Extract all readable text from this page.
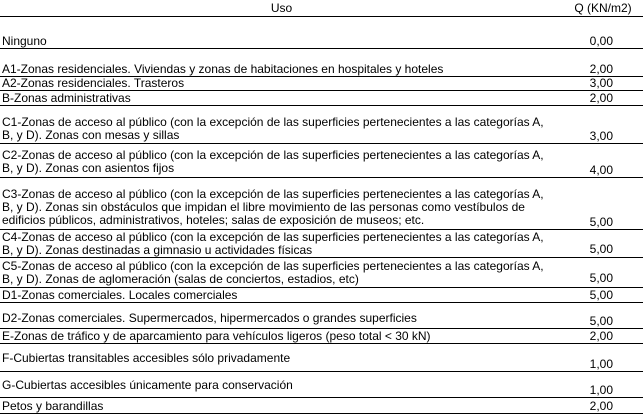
Uso	Q (KN/m2)
Ninguno	0,00
A1-Zonas residenciales. Viviendas y zonas de habitaciones en hospitales y hoteles	2,00
A2-Zonas residenciales. Trasteros	3,00
B-Zonas administrativas	2,00
C1-Zonas de acceso al público (con la excepción de las superficies pertenecientes a las categorías A,
B, y D). Zonas con mesas y sillas	3,00
C2-Zonas de acceso al público (con la excepción de las superficies pertenecientes a las categorías A,
B, y D). Zonas con asientos fijos	4,00
C3-Zonas de acceso al público (con la excepción de las superficies pertenecientes a las categorías A,
B, y D). Zonas sin obstáculos que impidan el libre movimiento de las personas como vestíbulos de
edificios públicos, administrativos, hoteles; salas de exposición de museos; etc.	5,00
C4-Zonas de acceso al público (con la excepción de las superficies pertenecientes a las categorías A,
B, y D). Zonas destinadas a gimnasio u actividades físicas	5,00
C5-Zonas de acceso al público (con la excepción de las superficies pertenecientes a las categorías A,
B, y D). Zonas de aglomeración (salas de conciertos, estadios, etc)	5,00
D1-Zonas comerciales. Locales comerciales	5,00
D2-Zonas comerciales. Supermercados, hipermercados o grandes superficies	5,00
E-Zonas de tráfico y de aparcamiento para vehículos ligeros (peso total < 30 kN)	2,00
F-Cubiertas transitables accesibles sólo privadamente	1,00
G-Cubiertas accesibles únicamente para conservación	1,00
Petos y barandillas	2,00
